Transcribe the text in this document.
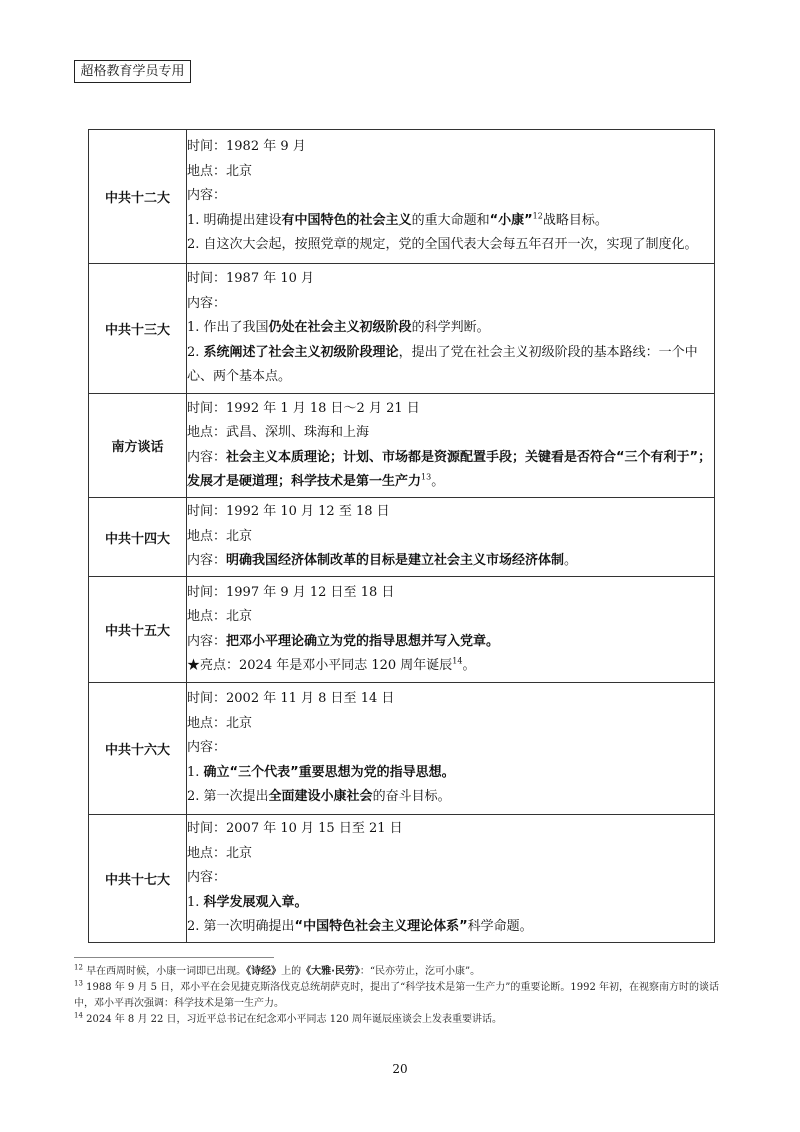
超格教育学员专用
中共十二大	时间：1982 年 9 月
地点：北京
内容：
1. 明确提出建设有中国特色的社会主义的重大命题和“小康”$^{12}$战略目标。
2. 自这次大会起，按照党章的规定，党的全国代表大会每五年召开一次，实现了制度化。

中共十三大	时间：1987 年 10 月
内容：
1. 作出了我国仍处在社会主义初级阶段的科学判断。
2. 系统阐述了社会主义初级阶段理论，提出了党在社会主义初级阶段的基本路线：一个中心、两个基本点。

南方谈话	时间：1992 年 1 月 18 日～2 月 21 日
地点：武昌、深圳、珠海和上海
内容：社会主义本质理论；计划、市场都是资源配置手段；关键看是否符合“三个有利于”；发展才是硬道理；科学技术是第一生产力$^{13}$。

中共十四大	时间：1992 年 10 月 12 至 18 日
地点：北京
内容：明确我国经济体制改革的目标是建立社会主义市场经济体制。

中共十五大	时间：1997 年 9 月 12 日至 18 日
地点：北京
内容：把邓小平理论确立为党的指导思想并写入党章。
★亮点：2024 年是邓小平同志 120 周年诞辰$^{14}$。

中共十六大	时间：2002 年 11 月 8 日至 14 日
地点：北京
内容：
1. 确立“三个代表”重要思想为党的指导思想。
2. 第一次提出全面建设小康社会的奋斗目标。

中共十七大	时间：2007 年 10 月 15 日至 21 日
地点：北京
内容：
1. 科学发展观入章。
2. 第一次明确提出“中国特色社会主义理论体系”科学命题。
$^{12}$ 早在西周时候，小康一词即已出现。《诗经》上的《大雅·民劳》：“民亦劳止，汔可小康”。
$^{13}$ 1988 年 9 月 5 日，邓小平在会见捷克斯洛伐克总统胡萨克时，提出了“科学技术是第一生产力”的重要论断。1992 年初，在视察南方时的谈话中，邓小平再次强调：科学技术是第一生产力。
$^{14}$ 2024 年 8 月 22 日，习近平总书记在纪念邓小平同志 120 周年诞辰座谈会上发表重要讲话。
20
